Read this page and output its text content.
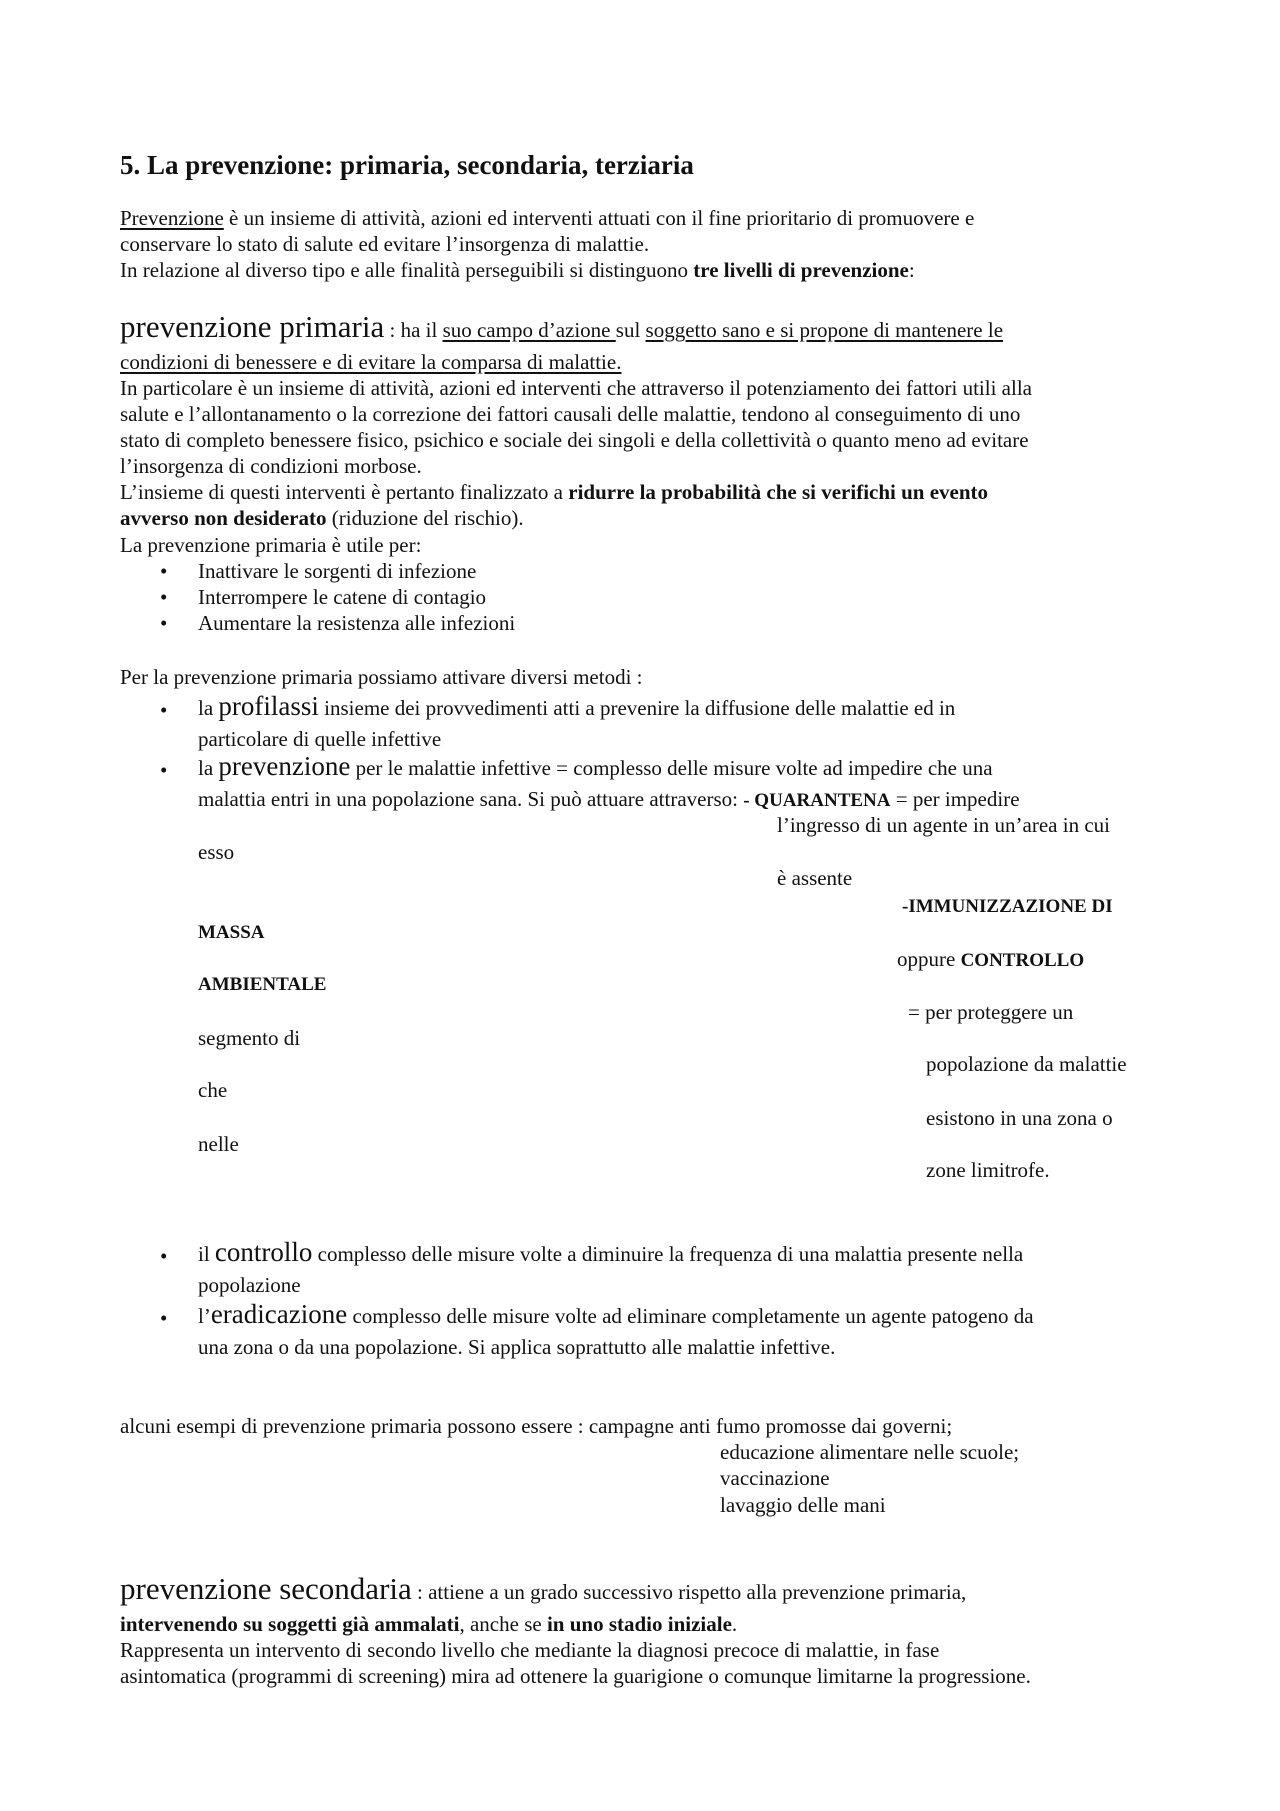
5. La prevenzione: primaria, secondaria, terziaria
Prevenzione è un insieme di attività, azioni ed interventi attuati con il fine prioritario di promuovere e
conservare lo stato di salute ed evitare l’insorgenza di malattie.
In relazione al diverso tipo e alle finalità perseguibili si distinguono tre livelli di prevenzione:
prevenzione primaria : ha il suo campo d’azione sul soggetto sano e si propone di mantenere le
condizioni di benessere e di evitare la comparsa di malattie.
In particolare è un insieme di attività, azioni ed interventi che attraverso il potenziamento dei fattori utili alla
salute e l’allontanamento o la correzione dei fattori causali delle malattie, tendono al conseguimento di uno
stato di completo benessere fisico, psichico e sociale dei singoli e della collettività o quanto meno ad evitare
l’insorgenza di condizioni morbose.
L’insieme di questi interventi è pertanto finalizzato a ridurre la probabilità che si verifichi un evento
avverso non desiderato (riduzione del rischio).
La prevenzione primaria è utile per:
• Inattivare le sorgenti di infezione
• Interrompere le catene di contagio
• Aumentare la resistenza alle infezioni
Per la prevenzione primaria possiamo attivare diversi metodi :
• la profilassi insieme dei provvedimenti atti a prevenire la diffusione delle malattie ed in
particolare di quelle infettive
• la prevenzione per le malattie infettive = complesso delle misure volte ad impedire che una
malattia entri in una popolazione sana. Si può attuare attraverso: - QUARANTENA = per impedire
l’ingresso di un agente in un’area in cui
esso
è assente
-IMMUNIZZAZIONE DI
MASSA
oppure CONTROLLO
AMBIENTALE
= per proteggere un
segmento di
popolazione da malattie
che
esistono in una zona o
nelle
zone limitrofe.
• il controllo complesso delle misure volte a diminuire la frequenza di una malattia presente nella
popolazione
• l’eradicazione complesso delle misure volte ad eliminare completamente un agente patogeno da
una zona o da una popolazione. Si applica soprattutto alle malattie infettive.
alcuni esempi di prevenzione primaria possono essere : campagne anti fumo promosse dai governi;
educazione alimentare nelle scuole;
vaccinazione
lavaggio delle mani
prevenzione secondaria : attiene a un grado successivo rispetto alla prevenzione primaria,
intervenendo su soggetti già ammalati, anche se in uno stadio iniziale.
Rappresenta un intervento di secondo livello che mediante la diagnosi precoce di malattie, in fase
asintomatica (programmi di screening) mira ad ottenere la guarigione o comunque limitarne la progressione.
